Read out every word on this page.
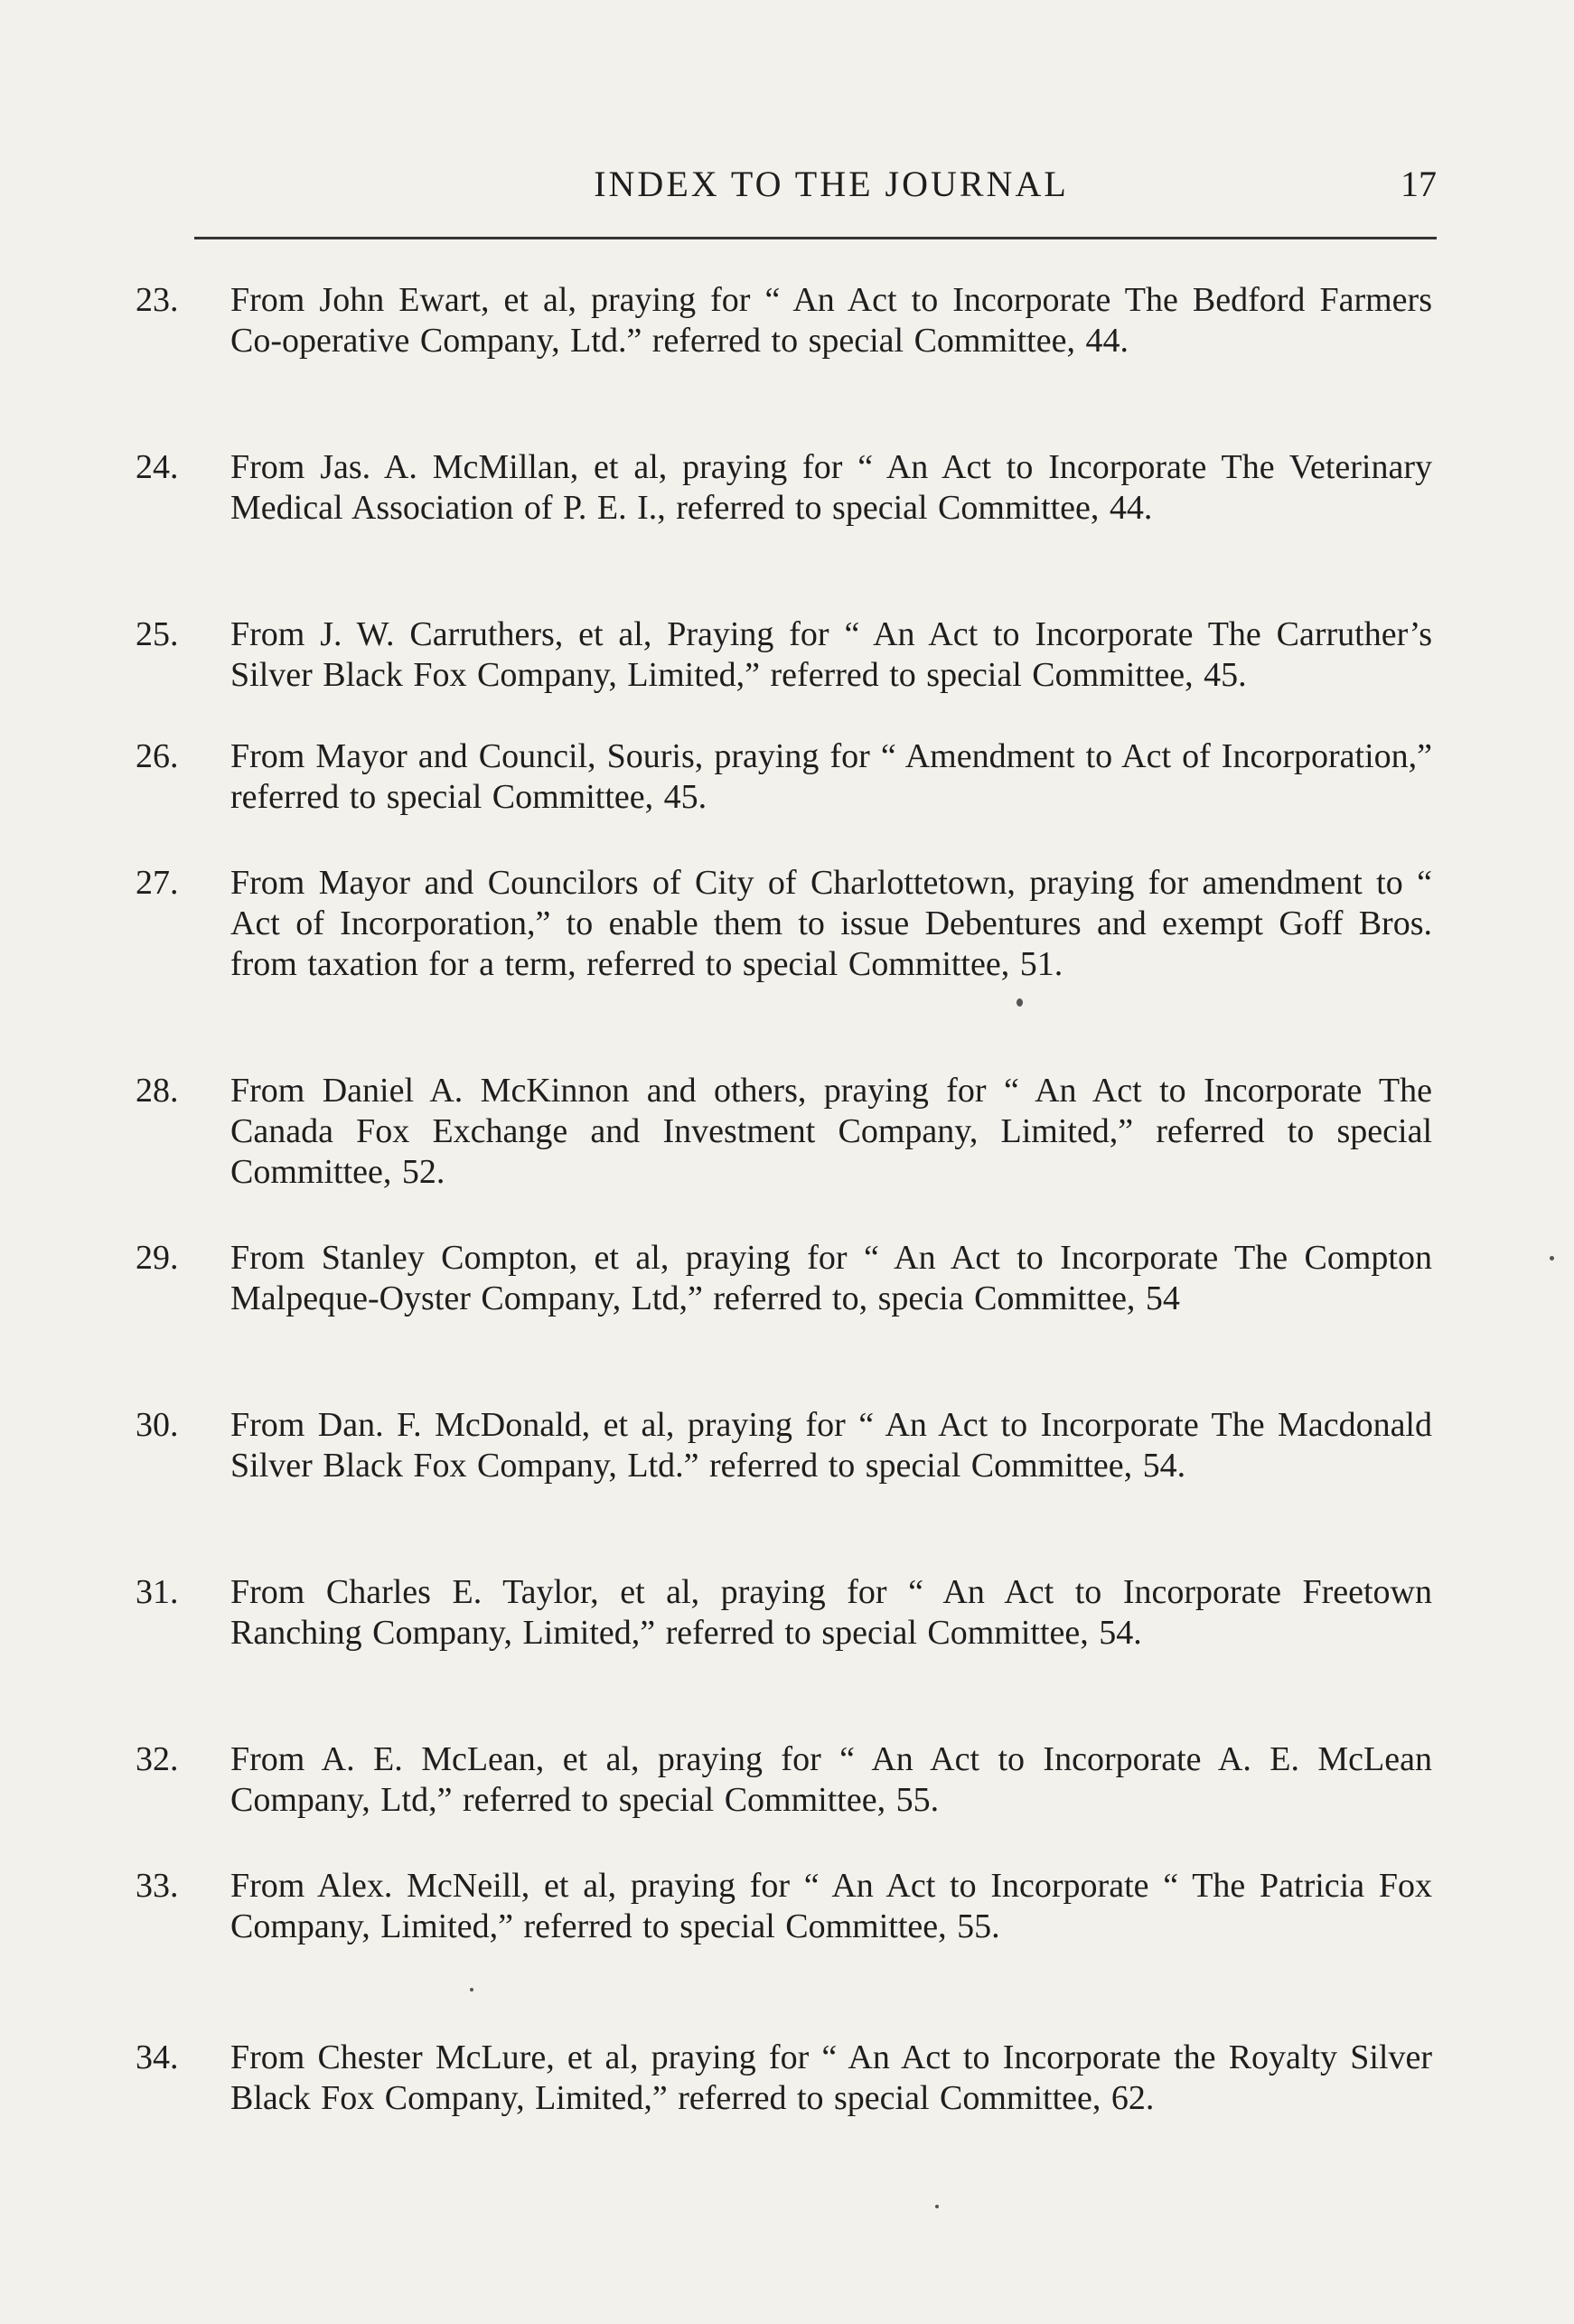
INDEX TO THE JOURNAL	17
23.	From John Ewart, et al, praying for “ An Act to Incorporate The Bedford Farmers Co-operative Company, Ltd.” referred to special Committee, 44.
24.	From Jas. A. McMillan, et al, praying for “ An Act to Incorporate The Veterinary Medical Association of P. E. I., referred to special Committee, 44.
25.	From J. W. Carruthers, et al, Praying for “ An Act to Incorporate The Carruther’s Silver Black Fox Company, Limited,” referred to special Committee, 45.
26.	From Mayor and Council, Souris, praying for “ Amendment to Act of Incorporation,” referred to special Committee, 45.
27.	From Mayor and Councilors of City of Charlottetown, praying for amendment to “ Act of Incorporation,” to enable them to issue Debentures and exempt Goff Bros. from taxation for a term, referred to special Committee, 51.
28.	From Daniel A. McKinnon and others, praying for “ An Act to Incorporate The Canada Fox Exchange and Investment Company, Limited,” referred to special Committee, 52.
29.	From Stanley Compton, et al, praying for “ An Act to Incorporate The Compton Malpeque-Oyster Company, Ltd,” referred to, specia Committee, 54
30.	From Dan. F. McDonald, et al, praying for “ An Act to Incorporate The Macdonald Silver Black Fox Company, Ltd.” referred to special Committee, 54.
31.	From Charles E. Taylor, et al, praying for “ An Act to Incorporate Freetown Ranching Company, Limited,” referred to special Committee, 54.
32.	From A. E. McLean, et al, praying for “ An Act to Incorporate A. E. McLean Company, Ltd,” referred to special Committee, 55.
33.	From Alex. McNeill, et al, praying for “ An Act to Incorporate “ The Patricia Fox Company, Limited,” referred to special Committee, 55.
34.	From Chester McLure, et al, praying for “ An Act to Incorporate the Royalty Silver Black Fox Company, Limited,” referred to special Committee, 62.
